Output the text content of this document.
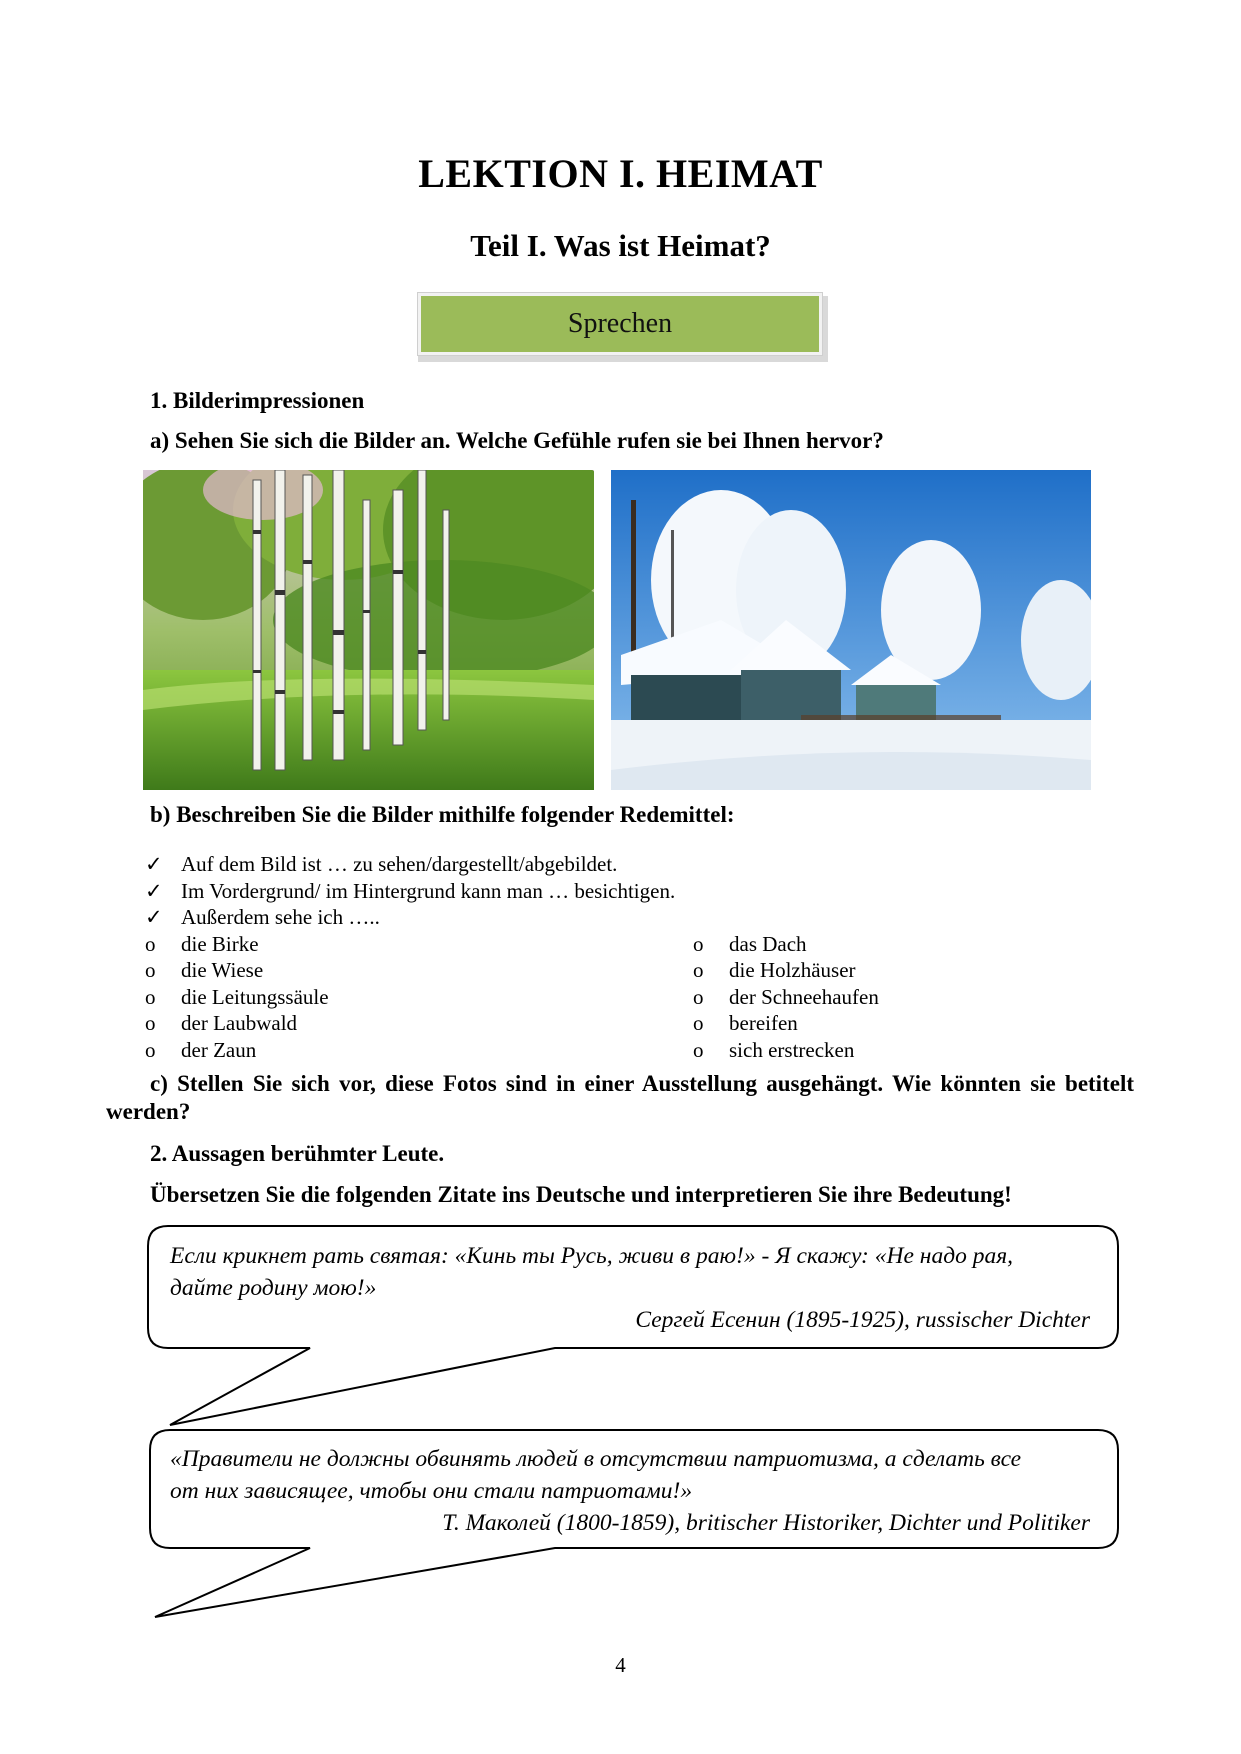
LEKTION I. HEIMAT
Teil I. Was ist Heimat?
Sprechen
1. Bilderimpressionen
a) Sehen Sie sich die Bilder an. Welche Gefühle rufen sie bei Ihnen hervor?
b) Beschreiben Sie die Bilder mithilfe folgender Redemittel:
✓ Auf dem Bild ist … zu sehen/dargestellt/abgebildet.
✓ Im Vordergrund/ im Hintergrund kann man … besichtigen.
✓ Außerdem sehe ich …..
o die Birke
o die Wiese
o die Leitungssäule
o der Laubwald
o der Zaun
o das Dach
o die Holzhäuser
o der Schneehaufen
o bereifen
o sich erstrecken
c) Stellen Sie sich vor, diese Fotos sind in einer Ausstellung ausgehängt. Wie könnten sie betitelt werden?
2. Aussagen berühmter Leute.
Übersetzen Sie die folgenden Zitate ins Deutsche und interpretieren Sie ihre Bedeutung!
Если крикнет рать святая: «Кинь ты Русь, живи в раю!» - Я скажу: «Не надо рая,
дайте родину мою!»
Сергей Есенин (1895-1925), russischer Dichter
«Правители не должны обвинять людей в отсутствии патриотизма, а сделать все
от них зависящее, чтобы они стали патриотами!»
Т. Маколей (1800-1859), britischer Historiker, Dichter und Politiker
4
